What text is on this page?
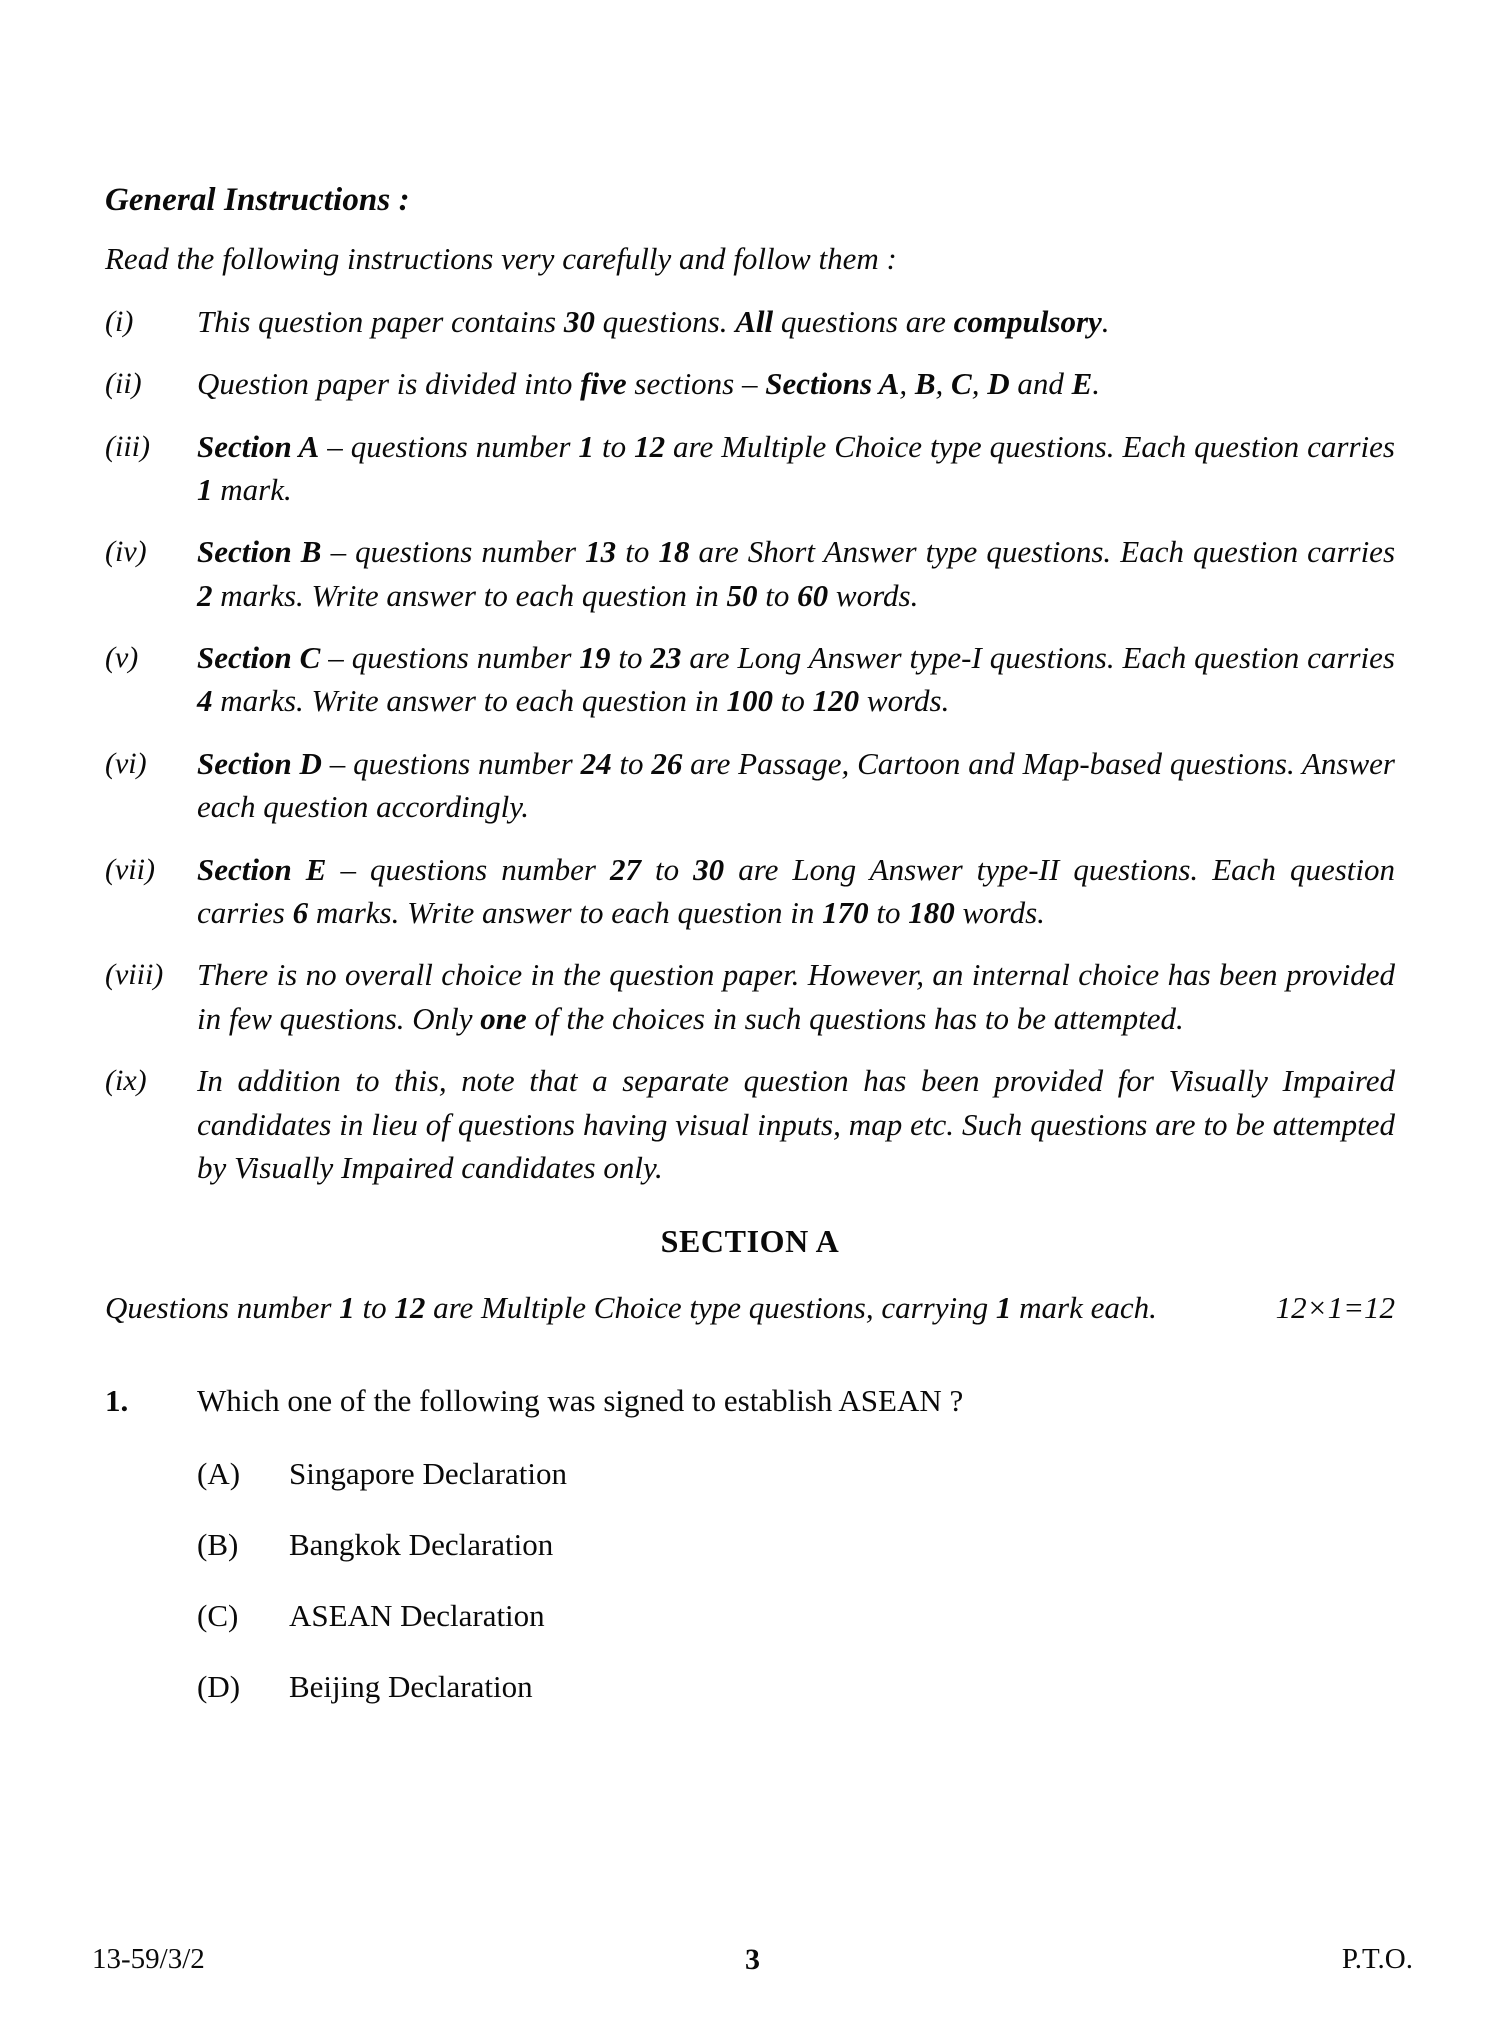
General Instructions :
Read the following instructions very carefully and follow them :
(i)	This question paper contains 30 questions. All questions are compulsory.
(ii)	Question paper is divided into five sections – Sections A, B, C, D and E.
(iii)	Section A – questions number 1 to 12 are Multiple Choice type questions. Each question carries 1 mark.
(iv)	Section B – questions number 13 to 18 are Short Answer type questions. Each question carries 2 marks. Write answer to each question in 50 to 60 words.
(v)	Section C – questions number 19 to 23 are Long Answer type-I questions. Each question carries 4 marks. Write answer to each question in 100 to 120 words.
(vi)	Section D – questions number 24 to 26 are Passage, Cartoon and Map-based questions. Answer each question accordingly.
(vii)	Section E – questions number 27 to 30 are Long Answer type-II questions. Each question carries 6 marks. Write answer to each question in 170 to 180 words.
(viii)	There is no overall choice in the question paper. However, an internal choice has been provided in few questions. Only one of the choices in such questions has to be attempted.
(ix)	In addition to this, note that a separate question has been provided for Visually Impaired candidates in lieu of questions having visual inputs, map etc. Such questions are to be attempted by Visually Impaired candidates only.
SECTION A
Questions number 1 to 12 are Multiple Choice type questions, carrying 1 mark each.	12×1=12
1.	Which one of the following was signed to establish ASEAN ?
(A)	Singapore Declaration
(B)	Bangkok Declaration
(C)	ASEAN Declaration
(D)	Beijing Declaration
13-59/3/2	3	P.T.O.
